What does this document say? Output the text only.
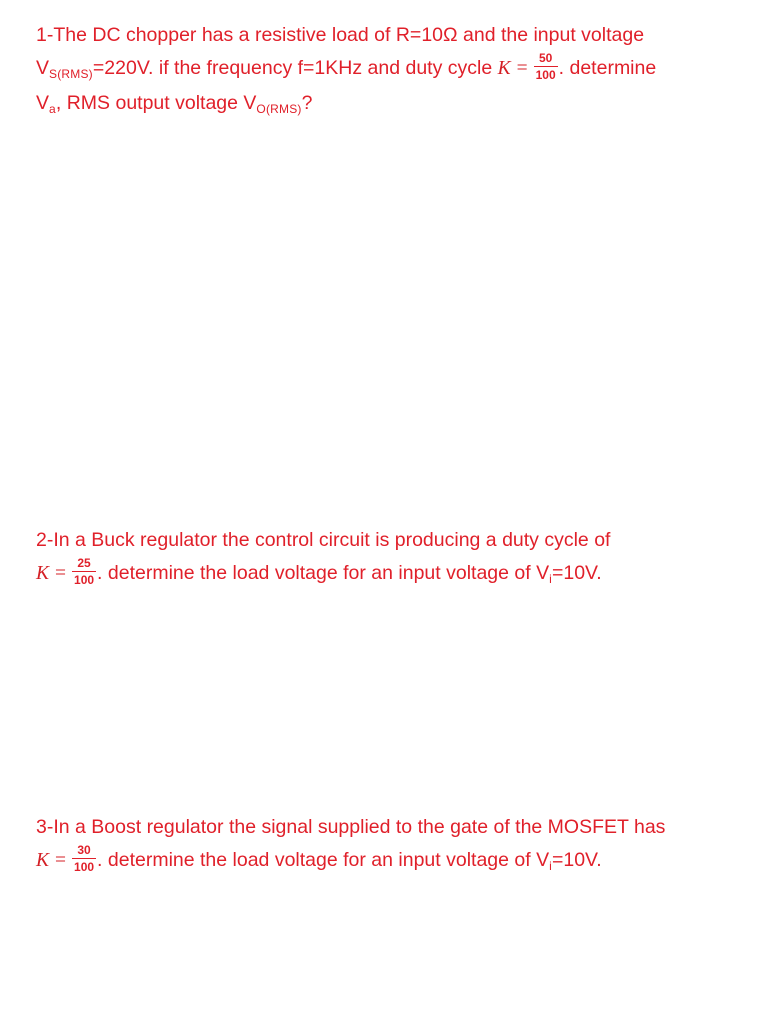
1-The DC chopper has a resistive load of R=10Ω and the input voltage
$V_{S(RMS)}=220V$. if the frequency f=1KHz and duty cycle $K = \frac{50}{100}$ . determine
$V_a$, RMS output voltage $V_{O(RMS)}$?
2-In a Buck regulator the control circuit is producing a duty cycle of
$K = \frac{25}{100}$ . determine the load voltage for an input voltage of $V_i=10V$.
3-In a Boost regulator the signal supplied to the gate of the MOSFET has
$K = \frac{30}{100}$ . determine the load voltage for an input voltage of $V_i=10V$.
